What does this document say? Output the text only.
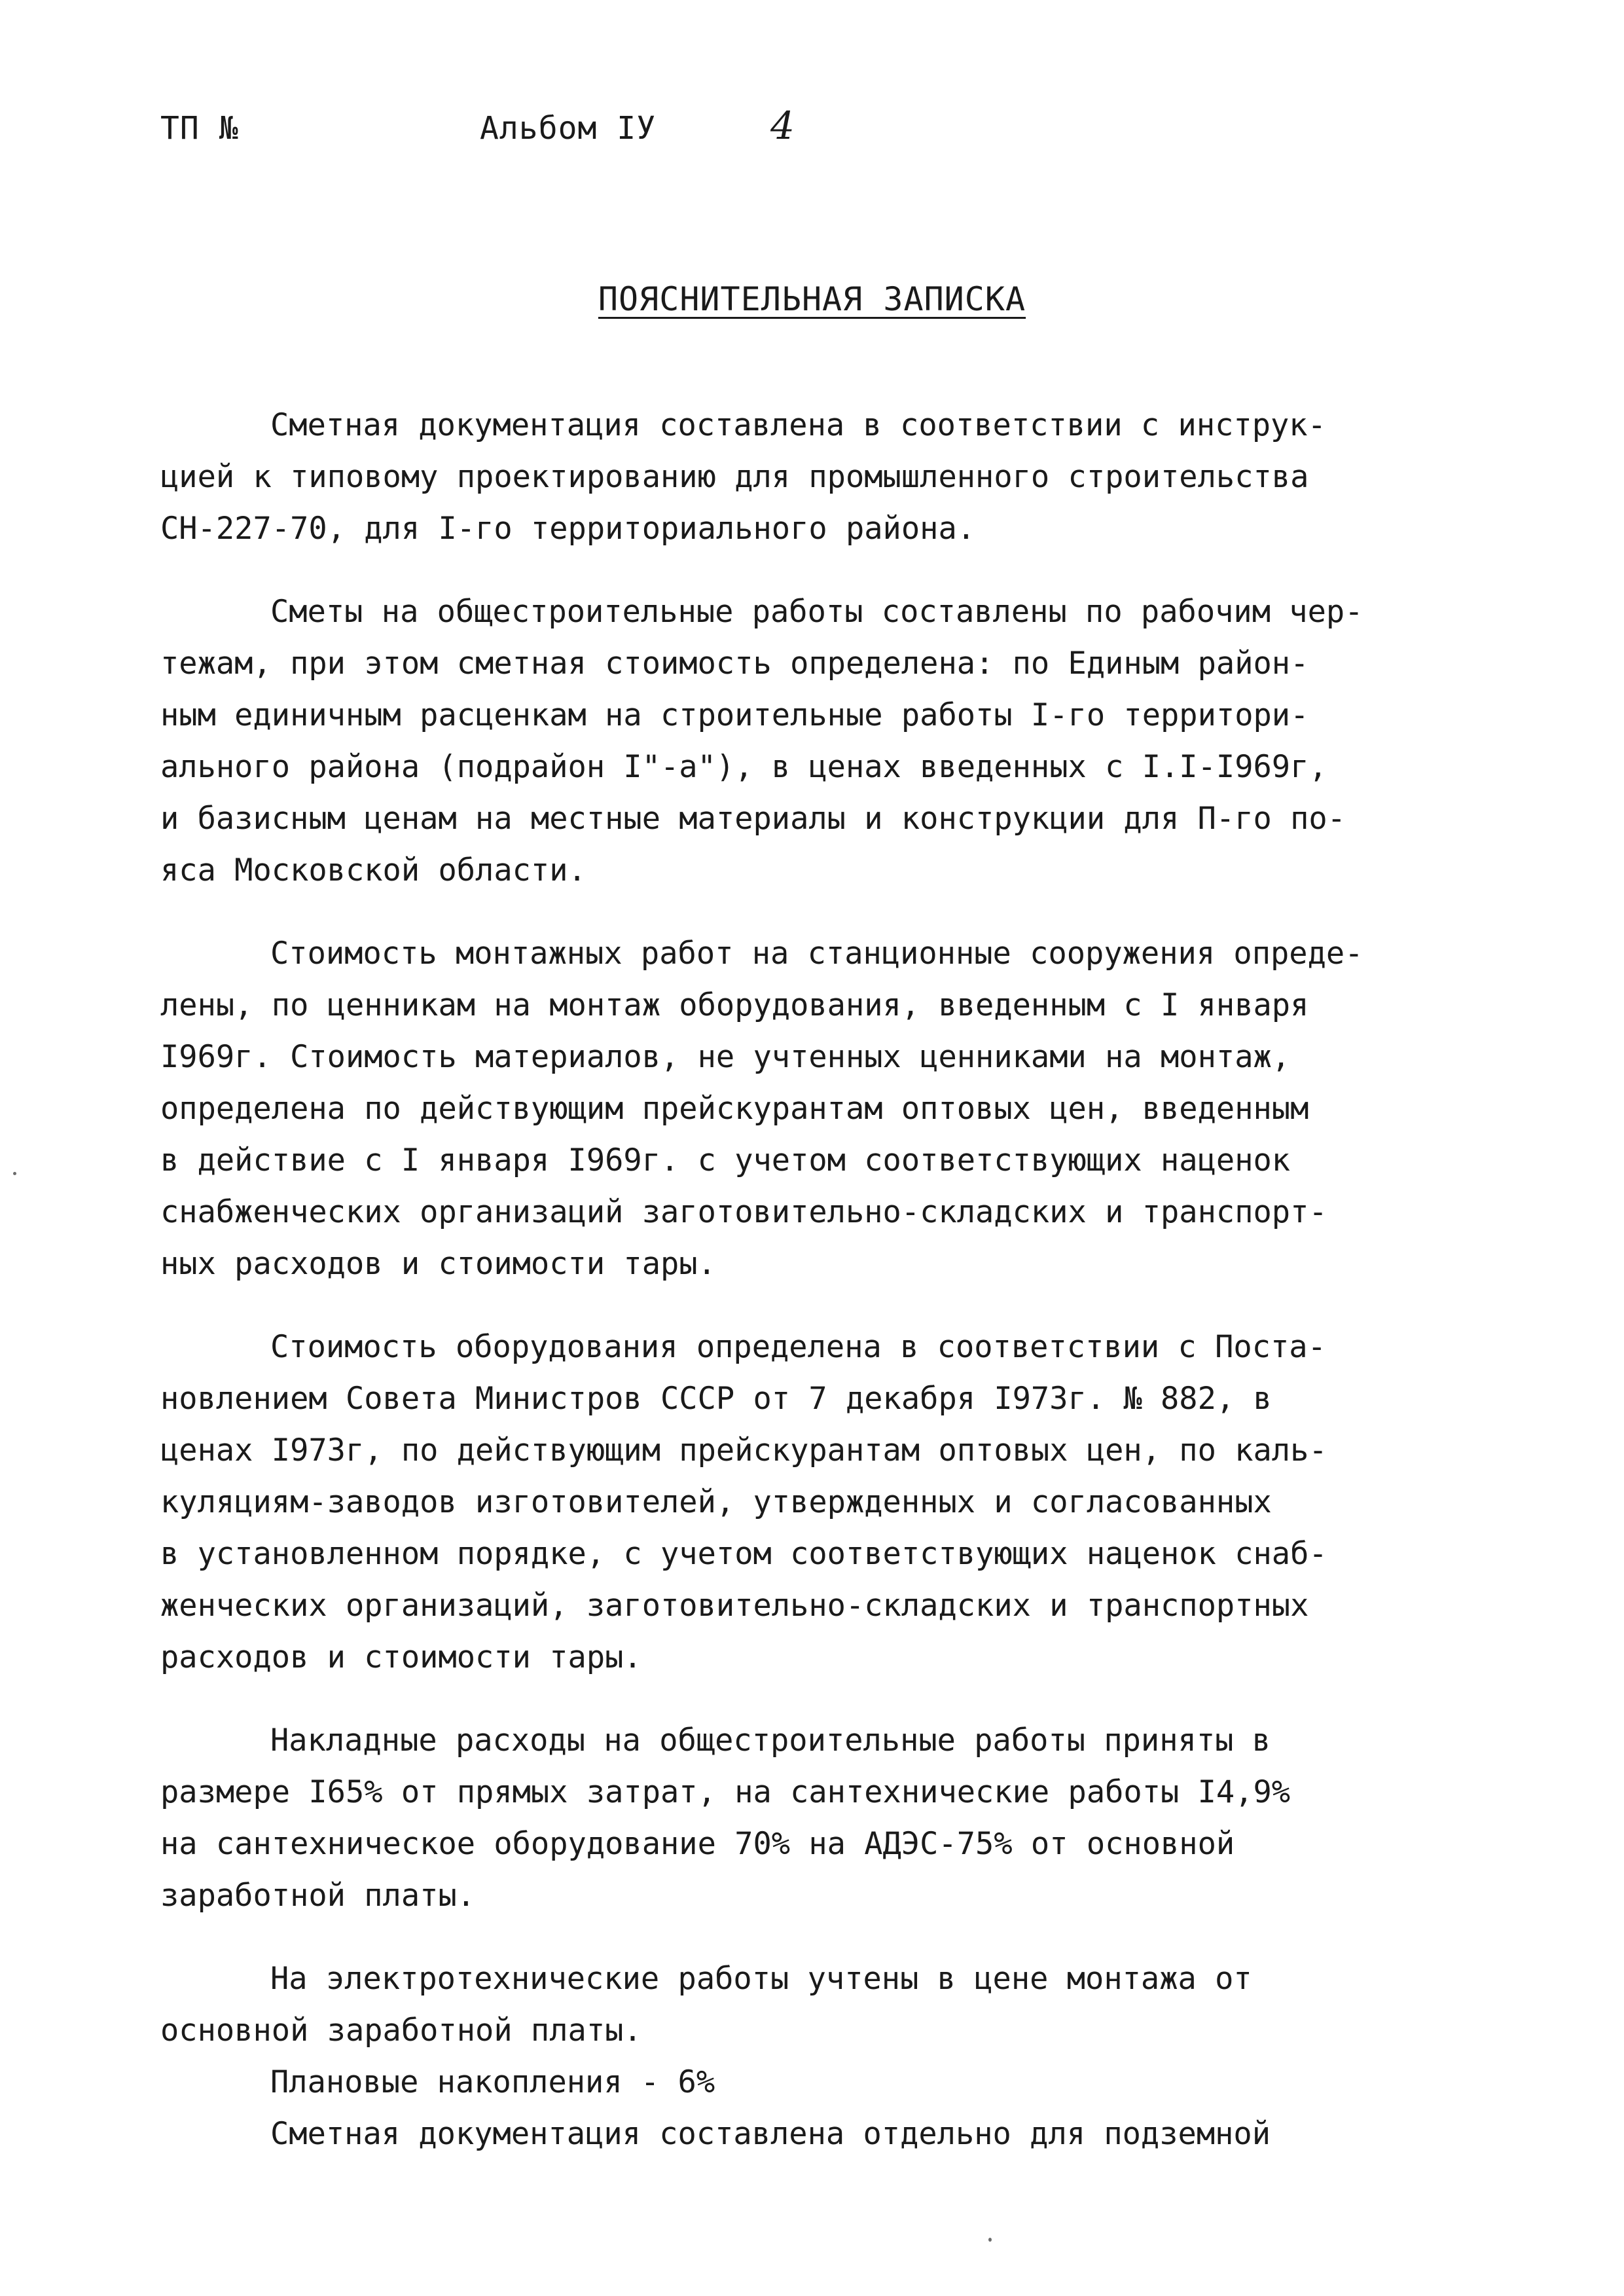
ТП №	Альбом IУ	4
ПОЯСНИТЕЛЬНАЯ ЗАПИСКА
Сметная документация составлена в соответствии с инструк-
цией к типовому проектированию для промышленного строительства
СН-227-70, для I-го территориального района.
Сметы на общестроительные работы составлены по рабочим чер-
тежам, при этом сметная стоимость определена: по Единым район-
ным единичным расценкам на строительные работы I-го территори-
ального района (подрайон I"-а"), в ценах введенных с I.I-I969г,
и базисным ценам на местные материалы и конструкции для П-го по-
яса Московской области.
Стоимость монтажных работ на станционные сооружения опреде-
лены, по ценникам на монтаж оборудования, введенным с I января
I969г. Стоимость материалов, не учтенных ценниками на монтаж,
определена по действующим прейскурантам оптовых цен, введенным
в действие с I января I969г. с учетом соответствующих наценок
снабженческих организаций заготовительно-складских и транспорт-
ных расходов и стоимости тары.
Стоимость оборудования определена в соответствии с Поста-
новлением Совета Министров СССР от 7 декабря I973г. № 882, в
ценах I973г, по действующим прейскурантам оптовых цен, по каль-
куляциям-заводов изготовителей, утвержденных и согласованных
в установленном порядке, с учетом соответствующих наценок снаб-
женческих организаций, заготовительно-складских и транспортных
расходов и стоимости тары.
Накладные расходы на общестроительные работы приняты в
размере I65% от прямых затрат, на сантехнические работы I4,9%
на сантехническое оборудование 70% на АДЭС-75% от основной
заработной платы.
На электротехнические работы учтены в цене монтажа от
основной заработной платы.
Плановые накопления - 6%
Сметная документация составлена отдельно для подземной
